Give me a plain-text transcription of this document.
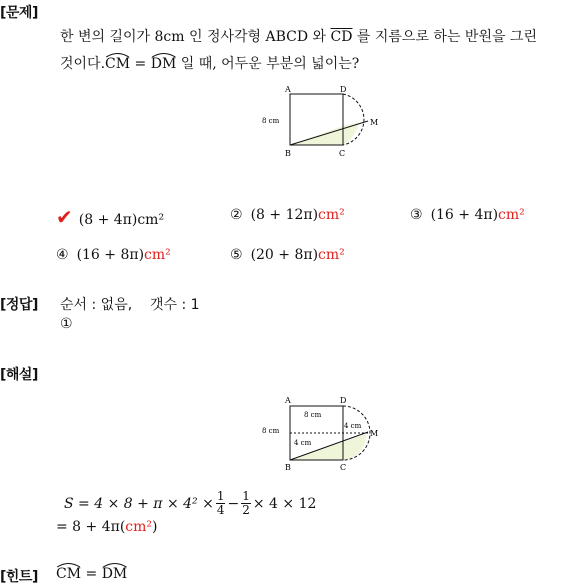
[문제]
한 변의 길이가 8cm 인 정사각형 ABCD 와 $\overline{CD}$ 를 지름으로 하는 반원을 그린
것이다.
CM =
DM 일 때, 어두운 부분의 넓이는?
A	D
B	C
M
8 cm
✔ (8 + 4π)cm²	② (8 + 12π)cm²	③ (16 + 4π)cm²
④ (16 + 8π)cm²	⑤ (20 + 8π)cm²
[정답] 순서 : 없음,    갯수 : 1
①
[해설]
A	D
B	C
M
8 cm
8 cm
4 cm
4 cm
$S = 4 \times 8 + \pi \times 4^2 \times \frac{1}{4} - \frac{1}{2} \times 4 \times 12$
= 8 + 4π(cm²)
[힌트] CM =
DM
